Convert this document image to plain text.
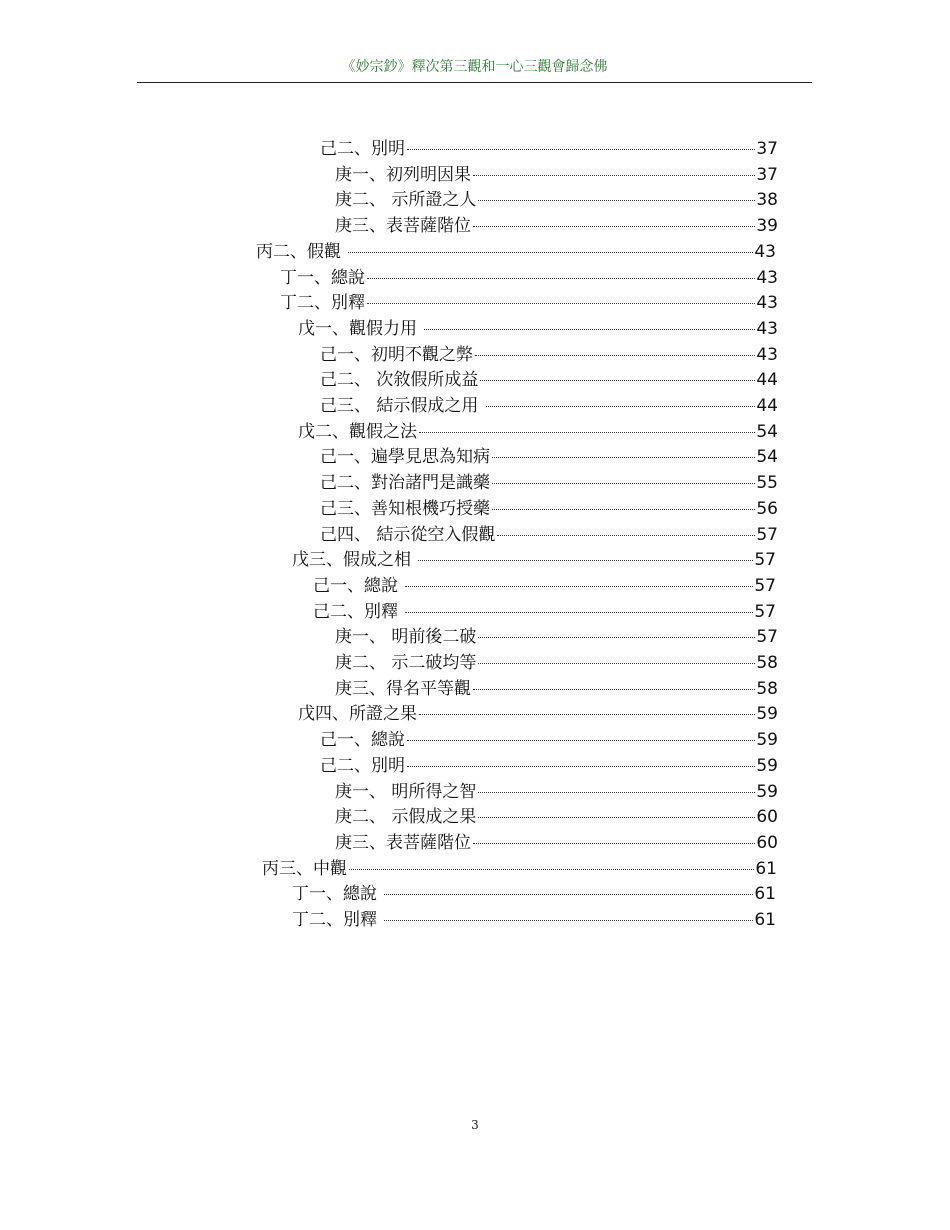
《妙宗鈔》釋次第三觀和一心三觀會歸念佛
己二、別明	37
庚一、初列明因果	37
庚二、 示所證之人	38
庚三、表菩薩階位	39
丙二、假觀	43
丁一、總說	43
丁二、別釋	43
戊一、觀假力用	43
己一、初明不觀之弊	43
己二、 次敘假所成益	44
己三、 結示假成之用	44
戊二、觀假之法	54
己一、遍學見思為知病	54
己二、對治諸門是識藥	55
己三、善知根機巧授藥	56
己四、 結示從空入假觀	57
戊三、假成之相	57
己一、總說	57
己二、別釋	57
庚一、 明前後二破	57
庚二、 示二破均等	58
庚三、得名平等觀	58
戊四、所證之果	59
己一、總說	59
己二、別明	59
庚一、 明所得之智	59
庚二、 示假成之果	60
庚三、表菩薩階位	60
丙三、中觀	61
丁一、總說	61
丁二、別釋	61
3
